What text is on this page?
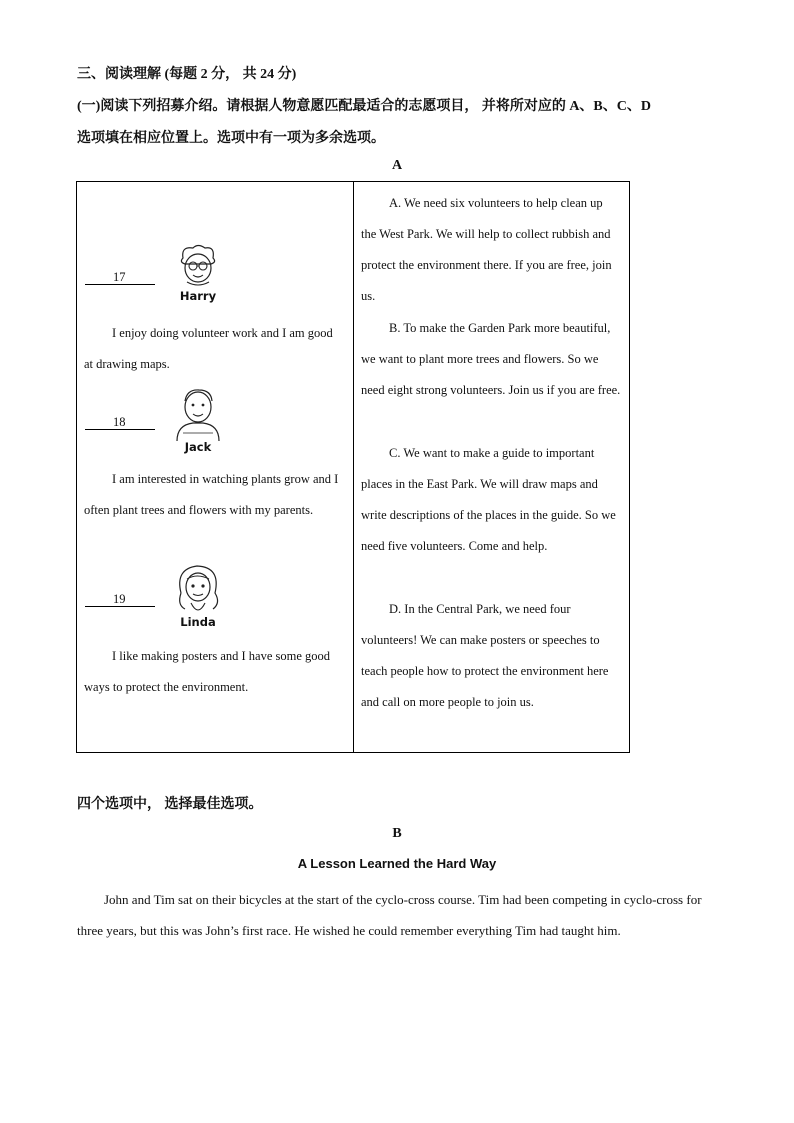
三、阅读理解 (每题 2 分， 共 24 分)
(一)阅读下列招募介绍。请根据人物意愿匹配最适合的志愿项目， 并将所对应的 A、B、C、D
选项填在相应位置上。选项中有一项为多余选项。
A
17
Harry
I enjoy doing volunteer work and I am good at drawing maps.
18
Jack
I am interested in watching plants grow and I often plant trees and flowers with my parents.
19
Linda
I like making posters and I have some good ways to protect the environment.
A. We need six volunteers to help clean up the West Park. We will help to collect rubbish and protect the environment there. If you are free, join us.
B. To make the Garden Park more beautiful, we want to plant more trees and flowers. So we need eight strong volunteers. Join us if you are free.
C. We want to make a guide to important places in the East Park. We will draw maps and write descriptions of the places in the guide. So we need five volunteers. Come and help.
D. In the Central Park, we need four volunteers! We can make posters or speeches to teach people how to protect the environment here and call on more people to join us.
四个选项中， 选择最佳选项。
B
A Lesson Learned the Hard Way
John and Tim sat on their bicycles at the start of the cyclo-cross course. Tim had been competing in cyclo-cross for three years, but this was John’s first race. He wished he could remember everything Tim had taught him.
